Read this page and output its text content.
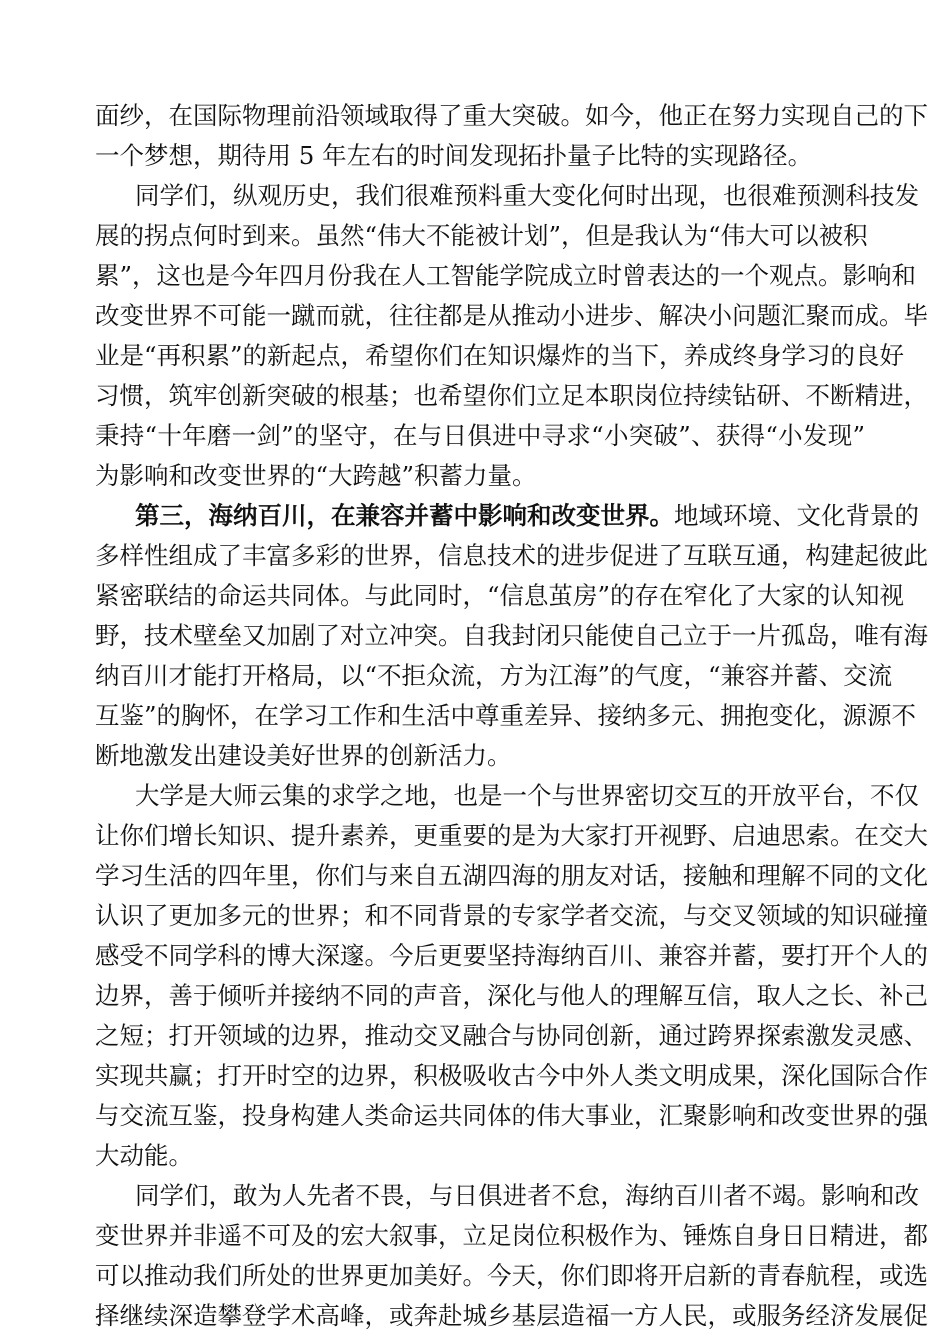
面纱，在国际物理前沿领域取得了重大突破。如今，他正在努力实现自己的下
一个梦想，期待用 5 年左右的时间发现拓扑量子比特的实现路径。
同学们，纵观历史，我们很难预料重大变化何时出现，也很难预测科技发
展的拐点何时到来。虽然“伟大不能被计划”，但是我认为“伟大可以被积
累”，这也是今年四月份我在人工智能学院成立时曾表达的一个观点。影响和
改变世界不可能一蹴而就，往往都是从推动小进步、解决小问题汇聚而成。毕
业是“再积累”的新起点，希望你们在知识爆炸的当下，养成终身学习的良好
习惯，筑牢创新突破的根基；也希望你们立足本职岗位持续钻研、不断精进，
秉持“十年磨一剑”的坚守，在与日俱进中寻求“小突破”、获得“小发现”
为影响和改变世界的“大跨越”积蓄力量。
第三，海纳百川，在兼容并蓄中影响和改变世界。地域环境、文化背景的
多样性组成了丰富多彩的世界，信息技术的进步促进了互联互通，构建起彼此
紧密联结的命运共同体。与此同时，“信息茧房”的存在窄化了大家的认知视
野，技术壁垒又加剧了对立冲突。自我封闭只能使自己立于一片孤岛，唯有海
纳百川才能打开格局，以“不拒众流，方为江海”的气度，“兼容并蓄、交流
互鉴”的胸怀，在学习工作和生活中尊重差异、接纳多元、拥抱变化，源源不
断地激发出建设美好世界的创新活力。
大学是大师云集的求学之地，也是一个与世界密切交互的开放平台，不仅
让你们增长知识、提升素养，更重要的是为大家打开视野、启迪思索。在交大
学习生活的四年里，你们与来自五湖四海的朋友对话，接触和理解不同的文化
认识了更加多元的世界；和不同背景的专家学者交流，与交叉领域的知识碰撞
感受不同学科的博大深邃。今后更要坚持海纳百川、兼容并蓄，要打开个人的
边界，善于倾听并接纳不同的声音，深化与他人的理解互信，取人之长、补己
之短；打开领域的边界，推动交叉融合与协同创新，通过跨界探索激发灵感、
实现共赢；打开时空的边界，积极吸收古今中外人类文明成果，深化国际合作
与交流互鉴，投身构建人类命运共同体的伟大事业，汇聚影响和改变世界的强
大动能。
同学们，敢为人先者不畏，与日俱进者不怠，海纳百川者不竭。影响和改
变世界并非遥不可及的宏大叙事，立足岗位积极作为、锤炼自身日日精进，都
可以推动我们所处的世界更加美好。今天，你们即将开启新的青春航程，或选
择继续深造攀登学术高峰，或奔赴城乡基层造福一方人民，或服务经济发展促
